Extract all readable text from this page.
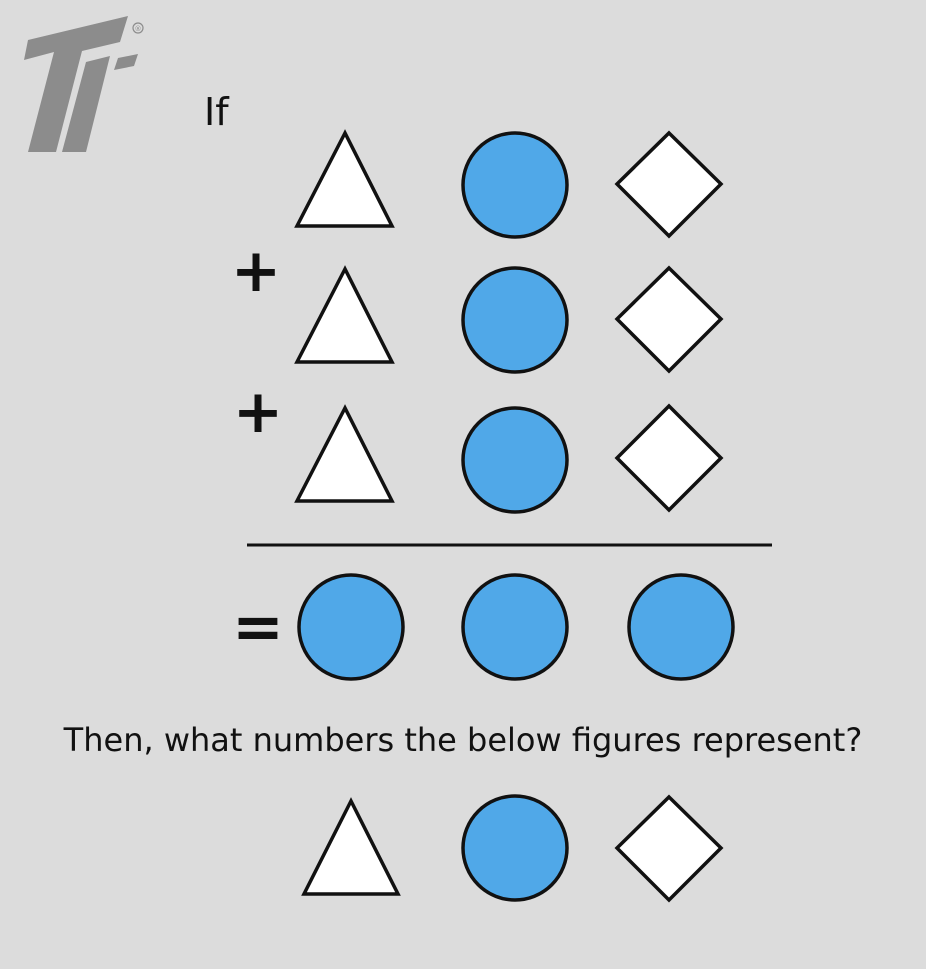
®
+
+
=
If
Then, what numbers the below figures represent?
